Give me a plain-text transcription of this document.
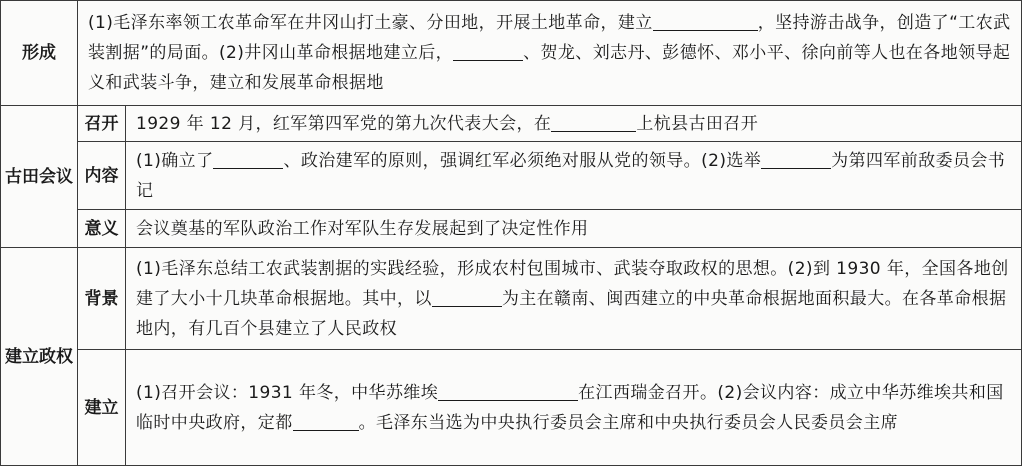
形成	(1)毛泽东率领工农革命军在井冈山打土豪、分田地，开展土地革命，建立 ，坚持游击战争，创造了“工农武装割据”的局面。(2)井冈山革命根据地建立后， 、贺龙、刘志丹、彭德怀、邓小平、徐向前等人也在各地领导起义和武装斗争，建立和发展革命根据地	
古田会议	召开	1929 年 12 月，红军第四军党的第九次代表大会，在 上杭县古田召开
	内容	(1)确立了 、政治建军的原则，强调红军必须绝对服从党的领导。(2)选举 为第四军前敌委员会书记
	意义	会议奠基的军队政治工作对军队生存发展起到了决定性作用
建立政权	背景	(1)毛泽东总结工农武装割据的实践经验，形成农村包围城市、武装夺取政权的思想。(2)到 1930 年，全国各地创建了大小十几块革命根据地。其中，以 为主在赣南、闽西建立的中央革命根据地面积最大。在各革命根据地内，有几百个县建立了人民政权
	建立	(1)召开会议：1931 年冬，中华苏维埃 在江西瑞金召开。(2)会议内容：成立中华苏维埃共和国临时中央政府，定都 。毛泽东当选为中央执行委员会主席和中央执行委员会人民委员会主席
